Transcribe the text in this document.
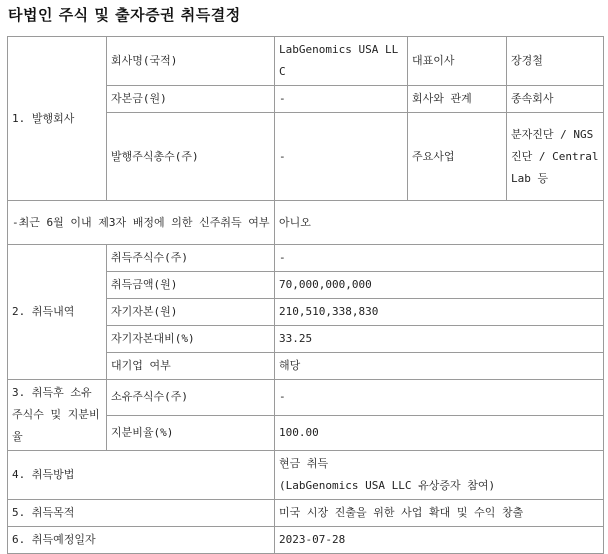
타법인 주식 및 출자증권 취득결정
1. 발행회사	회사명(국적)	LabGenomics USA LLC	대표이사	장경철
	자본금(원)	-	회사와 관계	종속회사
	발행주식총수(주)	-	주요사업	분자진단 / NGS진단 / Central Lab 등
-최근 6월 이내 제3자 배정에 의한 신주취득 여부		아니오		
2. 취득내역	취득주식수(주)	-		
	취득금액(원)	70,000,000,000		
	자기자본(원)	210,510,338,830		
	자기자본대비(%)	33.25		
	대기업 여부	해당		
3. 취득후 소유주식수 및 지분비율	소유주식수(주)	-		
	지분비율(%)	100.00		
4. 취득방법		현금 취득
(LabGenomics USA LLC 유상증자 참여)		

5. 취득목적		미국 시장 진출을 위한 사업 확대 및 수익 창출		
6. 취득예정일자		2023-07-28		
